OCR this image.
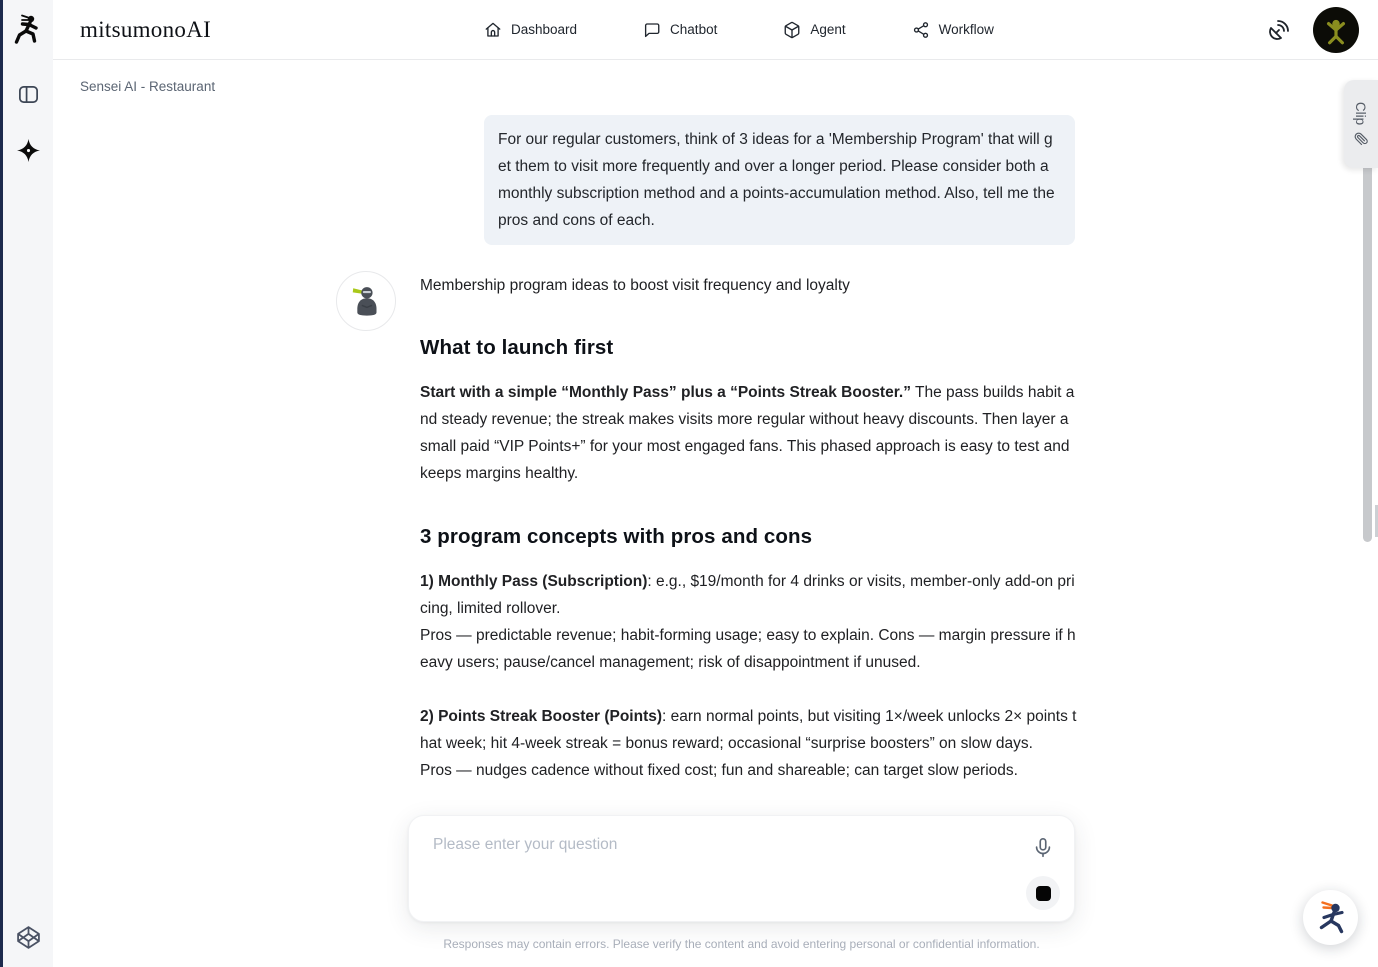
mitsumonoAI	Dashboard	Chatbot	Agent	Workflow
Sensei AI - Restaurant
For our regular customers, think of 3 ideas for a 'Membership Program' that will get them to visit more frequently and over a longer period. Please consider both a monthly subscription method and a points-accumulation method. Also, tell me the pros and cons of each.
Membership program ideas to boost visit frequency and loyalty
What to launch first

Start with a simple “Monthly Pass” plus a “Points Streak Booster.” The pass builds habit and steady revenue; the streak makes visits more regular without heavy discounts. Then layer a small paid “VIP Points+” for your most engaged fans. This phased approach is easy to test and keeps margins healthy.

3 program concepts with pros and cons

1) Monthly Pass (Subscription): e.g., $19/month for 4 drinks or visits, member-only add-on pricing, limited rollover.
Pros — predictable revenue; habit-forming usage; easy to explain. Cons — margin pressure if heavy users; pause/cancel management; risk of disappointment if unused.

2) Points Streak Booster (Points): earn normal points, but visiting 1×/week unlocks 2× points that week; hit 4-week streak = bonus reward; occasional “surprise boosters” on slow days.
Pros — nudges cadence without fixed cost; fun and shareable; can target slow periods.

Please enter your question
Responses may contain errors. Please verify the content and avoid entering personal or confidential information.
Clip
